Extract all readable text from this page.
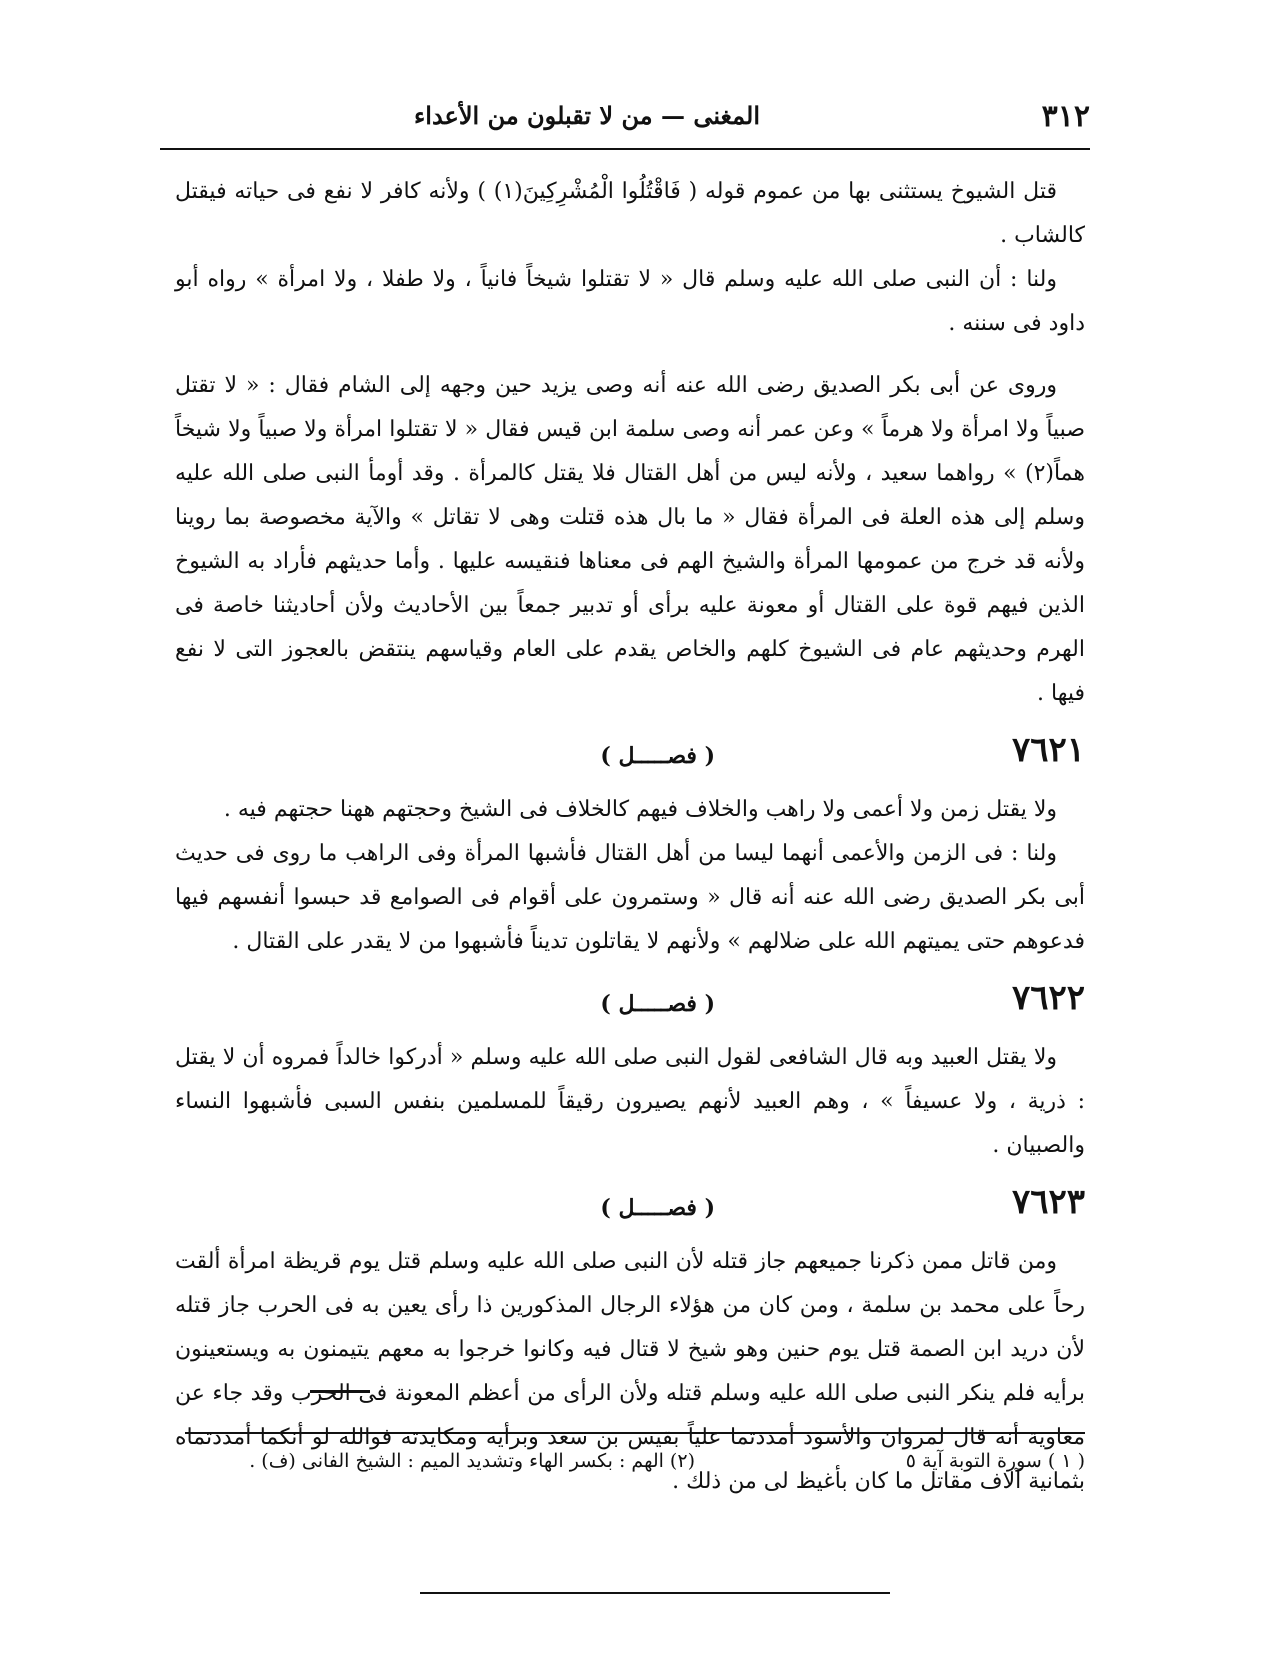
٣١٢
المغنى — من لا تقبلون من الأعداء

قتل الشيوخ يستثنى بها من عموم قوله ( فَاقْتُلُوا الْمُشْرِكِينَ(١) ) ولأنه كافر لا نفع فى حياته فيقتل كالشاب .

ولنا : أن النبى صلى الله عليه وسلم قال « لا تقتلوا شيخاً فانياً ، ولا طفلا ، ولا امرأة » رواه أبو داود فى سننه .

وروى عن أبى بكر الصديق رضى الله عنه أنه وصى يزيد حين وجهه إلى الشام فقال : « لا تقتل صبياً ولا امرأة ولا هرماً » وعن عمر أنه وصى سلمة ابن قيس فقال « لا تقتلوا امرأة ولا صبياً ولا شيخاً هماً(٢) » رواهما سعيد ، ولأنه ليس من أهل القتال فلا يقتل كالمرأة . وقد أومأ النبى صلى الله عليه وسلم إلى هذه العلة فى المرأة فقال « ما بال هذه قتلت وهى لا تقاتل » والآية مخصوصة بما روينا ولأنه قد خرج من عمومها المرأة والشيخ الهم فى معناها فنقيسه عليها . وأما حديثهم فأراد به الشيوخ الذين فيهم قوة على القتال أو معونة عليه برأى أو تدبير جمعاً بين الأحاديث ولأن أحاديثنا خاصة فى الهرم وحديثهم عام فى الشيوخ كلهم والخاص يقدم على العام وقياسهم ينتقض بالعجوز التى لا نفع فيها .

٧٦٢١
( فصـــــل )

ولا يقتل زمن ولا أعمى ولا راهب والخلاف فيهم كالخلاف فى الشيخ وحجتهم ههنا حجتهم فيه .

ولنا : فى الزمن والأعمى أنهما ليسا من أهل القتال فأشبها المرأة وفى الراهب ما روى فى حديث أبى بكر الصديق رضى الله عنه أنه قال « وستمرون على أقوام فى الصوامع قد حبسوا أنفسهم فيها فدعوهم حتى يميتهم الله على ضلالهم » ولأنهم لا يقاتلون تديناً فأشبهوا من لا يقدر على القتال .

٧٦٢٢
( فصـــــل )

ولا يقتل العبيد وبه قال الشافعى لقول النبى صلى الله عليه وسلم « أدركوا خالداً فمروه أن لا يقتل : ذرية ، ولا عسيفاً » ، وهم العبيد لأنهم يصيرون رقيقاً للمسلمين بنفس السبى فأشبهوا النساء والصبيان .

٧٦٢٣
( فصـــــل )

ومن قاتل ممن ذكرنا جميعهم جاز قتله لأن النبى صلى الله عليه وسلم قتل يوم قريظة امرأة ألقت رحاً على محمد بن سلمة ، ومن كان من هؤلاء الرجال المذكورين ذا رأى يعين به فى الحرب جاز قتله لأن دريد ابن الصمة قتل يوم حنين وهو شيخ لا قتال فيه وكانوا خرجوا به معهم يتيمنون به ويستعينون برأيه فلم ينكر النبى صلى الله عليه وسلم قتله ولأن الرأى من أعظم المعونة فى الحرب وقد جاء عن معاوية أنه قال لمروان والأسود أمددتما علياً بقيس بن سعد وبرأيه ومكايدته فوالله لو أنكما أمددتماه بثمانية آلاف مقاتل ما كان بأغيظ لى من ذلك .

( ١ ) سورة التوبة آية ٥
(٢) الهم : بكسر الهاء وتشديد الميم : الشيخ الفانى (ف) .
